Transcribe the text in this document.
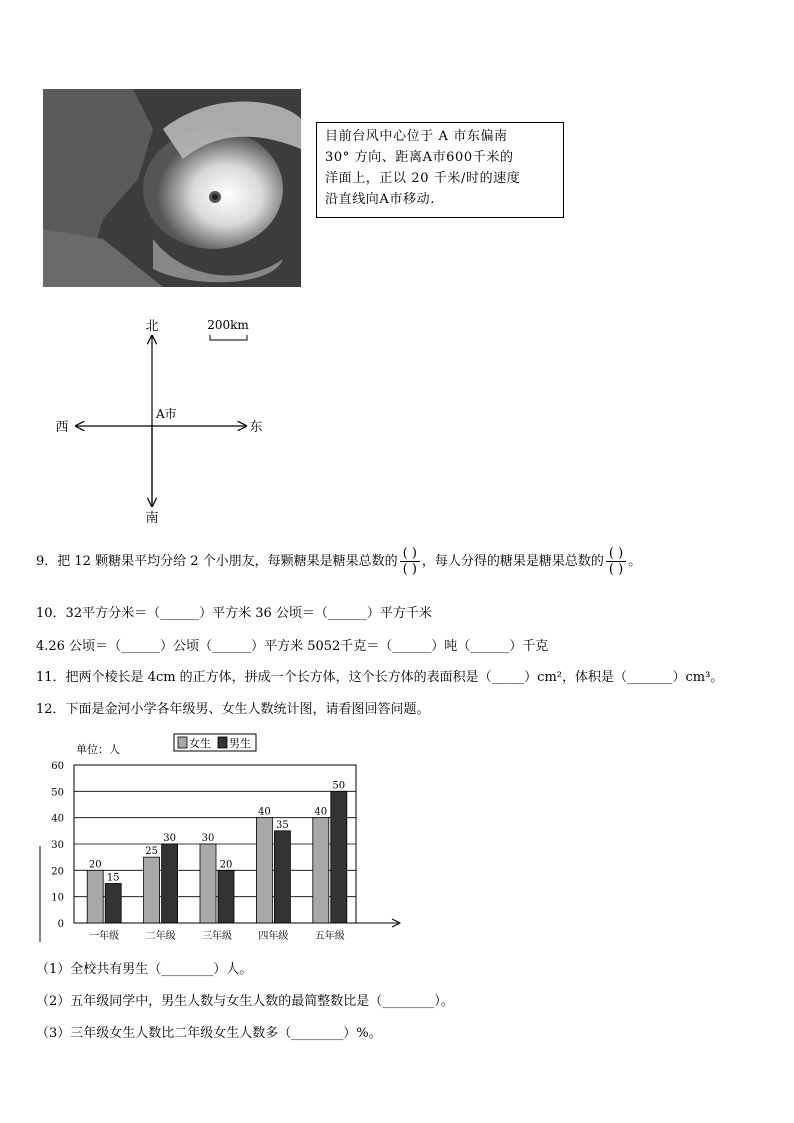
目前台风中心位于 A 市东偏南
30° 方向、距离A市600千米的
洋面上，正以 20 千米/时的速度
沿直线向A市移动.
北
南
东
西
A市
200km
9．把 12 颗糖果平均分给 2 个小朋友，每颗糖果是糖果总数的 $\frac{( )}{( )}$ ，每人分得的糖果是糖果总数的 $\frac{( )}{( )}$ 。
10．32平方分米＝（______）平方米 36 公顷＝（______）平方千米
4.26 公顷＝（______）公顷（______）平方米 5052千克＝（______）吨（______）千克
11．把两个棱长是 4cm 的正方体，拼成一个长方体，这个长方体的表面积是（_____）cm²，体积是（_______）cm³。
12．下面是金河小学各年级男、女生人数统计图，请看图回答问题。
0
10
20
30
40
50
60
20
15
一年级
25
30
二年级
30
20
三年级
40
35
四年级
40
50
五年级
女生 男生
单位：人
（1）全校共有男生（________）人。
（2）五年级同学中，男生人数与女生人数的最简整数比是（________）。
（3）三年级女生人数比二年级女生人数多（________）%。
